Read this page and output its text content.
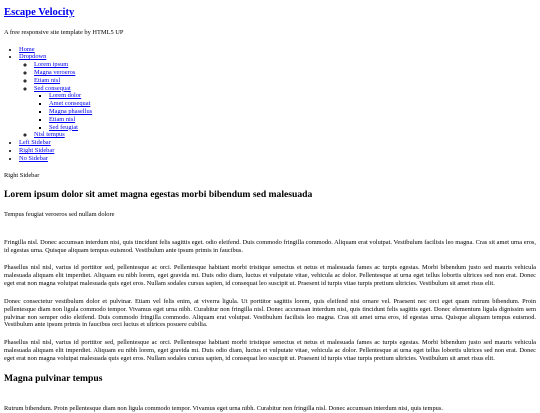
Escape Velocity

A free responsive site template by HTML5 UP

• Home
• Dropdown
◦ Lorem ipsum
◦ Magna veroeros
◦ Etiam nisl
◦ Sed consequat
▪ Lorem dolor
▪ Amet consequat
▪ Magna phasellus
▪ Etiam nisl
▪ Sed feugiat
◦ Nisl tempus
• Left Sidebar
• Right Sidebar
• No Sidebar

Right Sidebar

Lorem ipsum dolor sit amet magna egestas morbi bibendum sed malesuada

Tempus feugiat veroeros sed nullam dolore

Fringilla nisl. Donec accumsan interdum nisi, quis tincidunt felis sagittis eget. odio eleifend. Duis commodo fringilla commodo. Aliquam erat volutpat. Vestibulum facilisis leo magna. Cras sit amet urna eros, id egestas urna. Quisque aliquam tempus euismod. Vestibulum ante ipsum primis in faucibus.

Phasellus nisl nisl, varius id porttitor sed, pellentesque ac orci. Pellentesque habitant morbi tristique senectus et netus et malesuada fames ac turpis egestas. Morbi bibendum justo sed mauris vehicula malesuada aliquam elit imperdiet. Aliquam eu nibh lorem, eget gravida mi. Duis odio diam, luctus et vulputate vitae, vehicula ac dolor. Pellentesque at urna eget tellus lobortis ultrices sed non erat. Donec eget erat non magna volutpat malesuada quis eget eros. Nullam sodales cursus sapien, id consequat leo suscipit ut. Praesent id turpis vitae turpis pretium ultricies. Vestibulum sit amet risus elit.

Donec consectetur vestibulum dolor et pulvinar. Etiam vel felis enim, at viverra ligula. Ut porttitor sagittis lorem, quis eleifend nisi ornare vel. Praesent nec orci eget quam rutrum bibendum. Proin pellentesque diam non ligula commodo tempor. Vivamus eget urna nibh. Curabitur non fringilla nisl. Donec accumsan interdum nisi, quis tincidunt felis sagittis eget. Donec elementum ligula dignissim sem pulvinar non semper odio eleifend. Duis commodo fringilla commodo. Aliquam erat volutpat. Vestibulum facilisis leo magna. Cras sit amet urna eros, id egestas urna. Quisque aliquam tempus euismod. Vestibulum ante ipsum primis in faucibus orci luctus et ultrices posuere cubilia.

Phasellus nisl nisl, varius id porttitor sed, pellentesque ac orci. Pellentesque habitant morbi tristique senectus et netus et malesuada fames ac turpis egestas. Morbi bibendum justo sed mauris vehicula malesuada aliquam elit imperdiet. Aliquam eu nibh lorem, eget gravida mi. Duis odio diam, luctus et vulputate vitae, vehicula ac dolor. Pellentesque at urna eget tellus lobortis ultrices sed non erat. Donec eget erat non magna volutpat malesuada quis eget eros. Nullam sodales cursus sapien, id consequat leo suscipit ut. Praesent id turpis vitae turpis pretium ultricies. Vestibulum sit amet risus elit.

Magna pulvinar tempus

Rutrum bibendum. Proin pellentesque diam non ligula commodo tempor. Vivamus eget urna nibh. Curabitur non fringilla nisl. Donec accumsan interdum nisi, quis tempus.
